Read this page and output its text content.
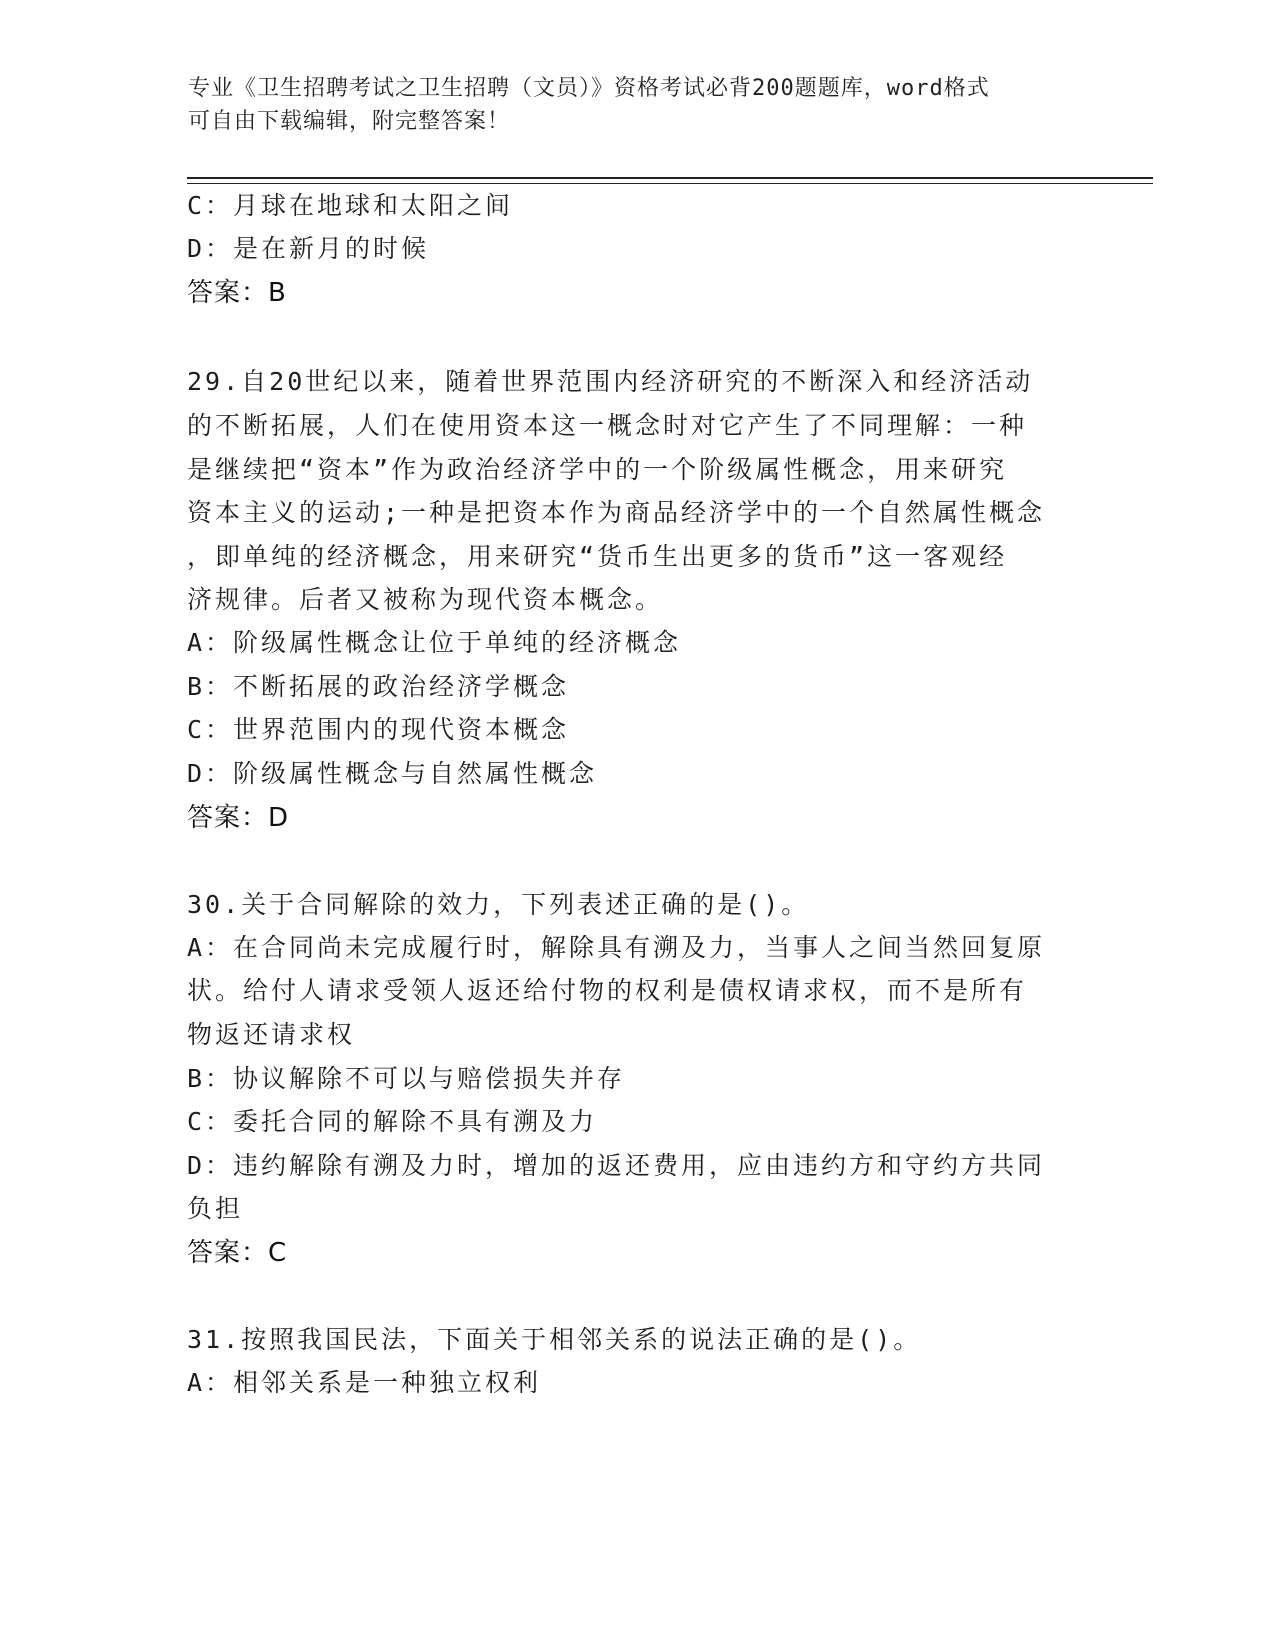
专业《卫生招聘考试之卫生招聘（文员）》资格考试必背200题题库，word格式
可自由下载编辑，附完整答案！
C：月球在地球和太阳之间
D：是在新月的时候
答案：B
29.自20世纪以来，随着世界范围内经济研究的不断深入和经济活动
的不断拓展，人们在使用资本这一概念时对它产生了不同理解：一种
是继续把“资本”作为政治经济学中的一个阶级属性概念，用来研究
资本主义的运动;一种是把资本作为商品经济学中的一个自然属性概念
，即单纯的经济概念，用来研究“货币生出更多的货币”这一客观经
济规律。后者又被称为现代资本概念。
A：阶级属性概念让位于单纯的经济概念
B：不断拓展的政治经济学概念
C：世界范围内的现代资本概念
D：阶级属性概念与自然属性概念
答案：D
30.关于合同解除的效力，下列表述正确的是()。
A：在合同尚未完成履行时，解除具有溯及力，当事人之间当然回复原
状。给付人请求受领人返还给付物的权利是债权请求权，而不是所有
物返还请求权
B：协议解除不可以与赔偿损失并存
C：委托合同的解除不具有溯及力
D：违约解除有溯及力时，增加的返还费用，应由违约方和守约方共同
负担
答案：C
31.按照我国民法，下面关于相邻关系的说法正确的是()。
A：相邻关系是一种独立权利
